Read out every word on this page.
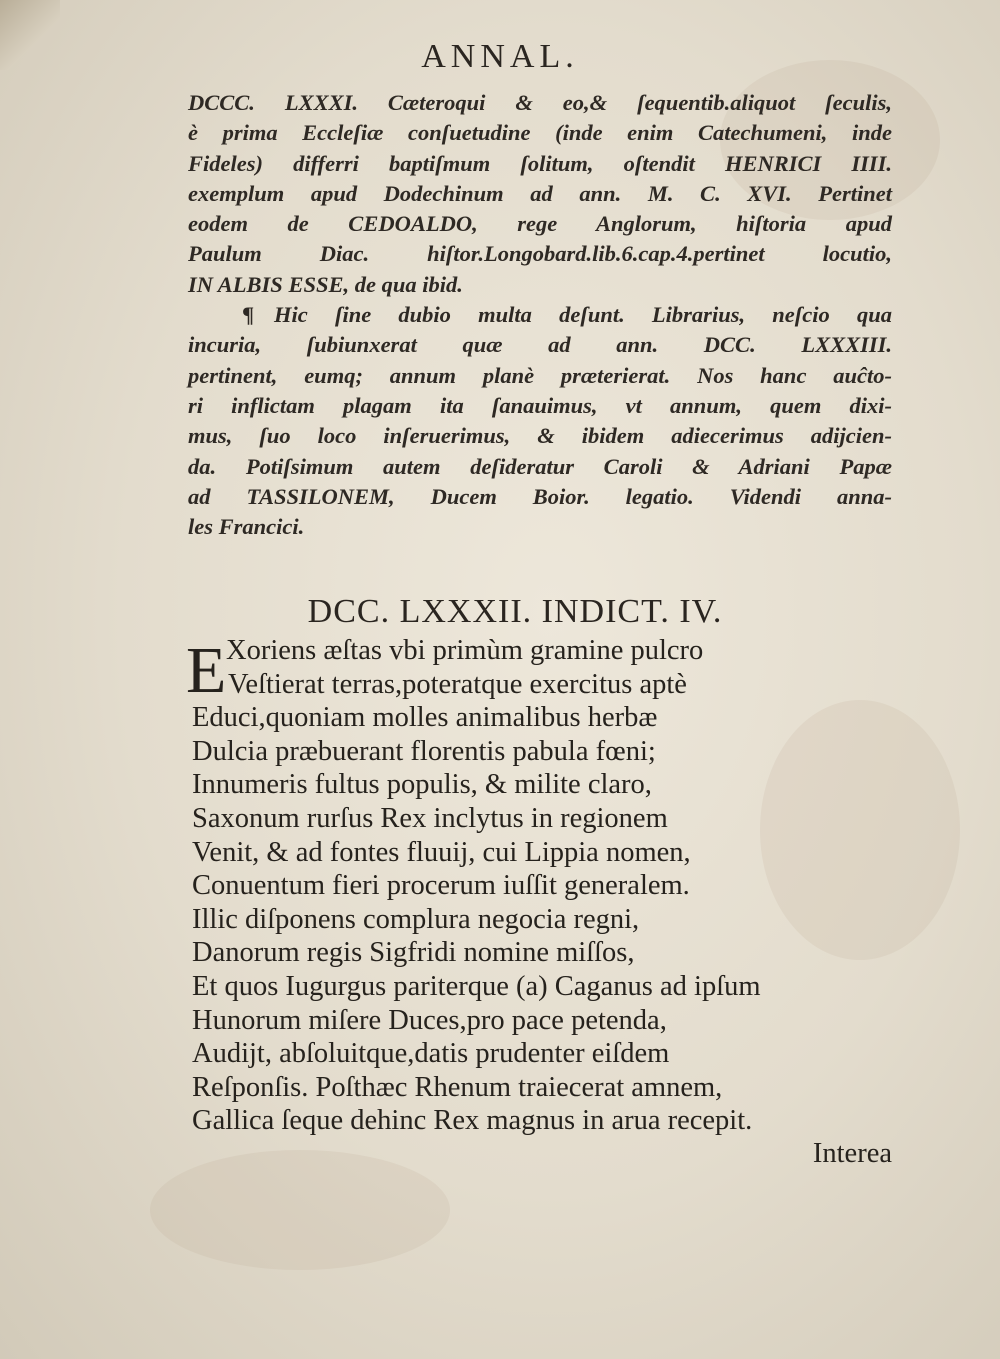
ANNAL.
DCCC. LXXXI. Cæteroqui & eo,& ſequentib.aliquot ſeculis,
è prima Eccleſiæ conſuetudine (inde enim Catechumeni, inde
Fideles) differri baptiſmum ſolitum, oſtendit HENRICI IIII.
exemplum apud Dodechinum ad ann. M. C. XVI. Pertinet
eodem de CEDOALDO, rege Anglorum, hiſtoria apud
Paulum Diac. hiſtor.Longobard.lib.6.cap.4.pertinet locutio,
IN ALBIS ESSE, de qua ibid.
¶ Hic ſine dubio multa deſunt. Librarius, neſcio qua
incuria, ſubiunxerat quæ ad ann. DCC. LXXXIII.
pertinent, eumq; annum planè præterierat. Nos hanc auĉto-
ri inflictam plagam ita ſanauimus, vt annum, quem dixi-
mus, ſuo loco inſeruerimus, & ibidem adiecerimus adijcien-
da. Potiſsimum autem deſideratur Caroli & Adriani Papæ
ad TASSILONEM, Ducem Boior. legatio. Videndi anna-
les Francici.
DCC. LXXXII. INDICT. IV.
E Xoriens æſtas vbi primùm gramine pulcro
Veſtierat terras,poteratque exercitus aptè
Educi,quoniam molles animalibus herbæ
Dulcia præbuerant florentis pabula fœni;
Innumeris fultus populis, & milite claro,
Saxonum rurſus Rex inclytus in regionem
Venit, & ad fontes fluuij, cui Lippia nomen,
Conuentum fieri procerum iuſſit generalem.
Illic diſponens complura negocia regni,
Danorum regis Sigfridi nomine miſſos,
Et quos Iugurgus pariterque (a) Caganus ad ipſum
Hunorum miſere Duces,pro pace petenda,
Audijt, abſoluitque,datis prudenter eiſdem
Reſponſis. Poſthæc Rhenum traiecerat amnem,
Gallica ſeque dehinc Rex magnus in arua recepit.
Interea
